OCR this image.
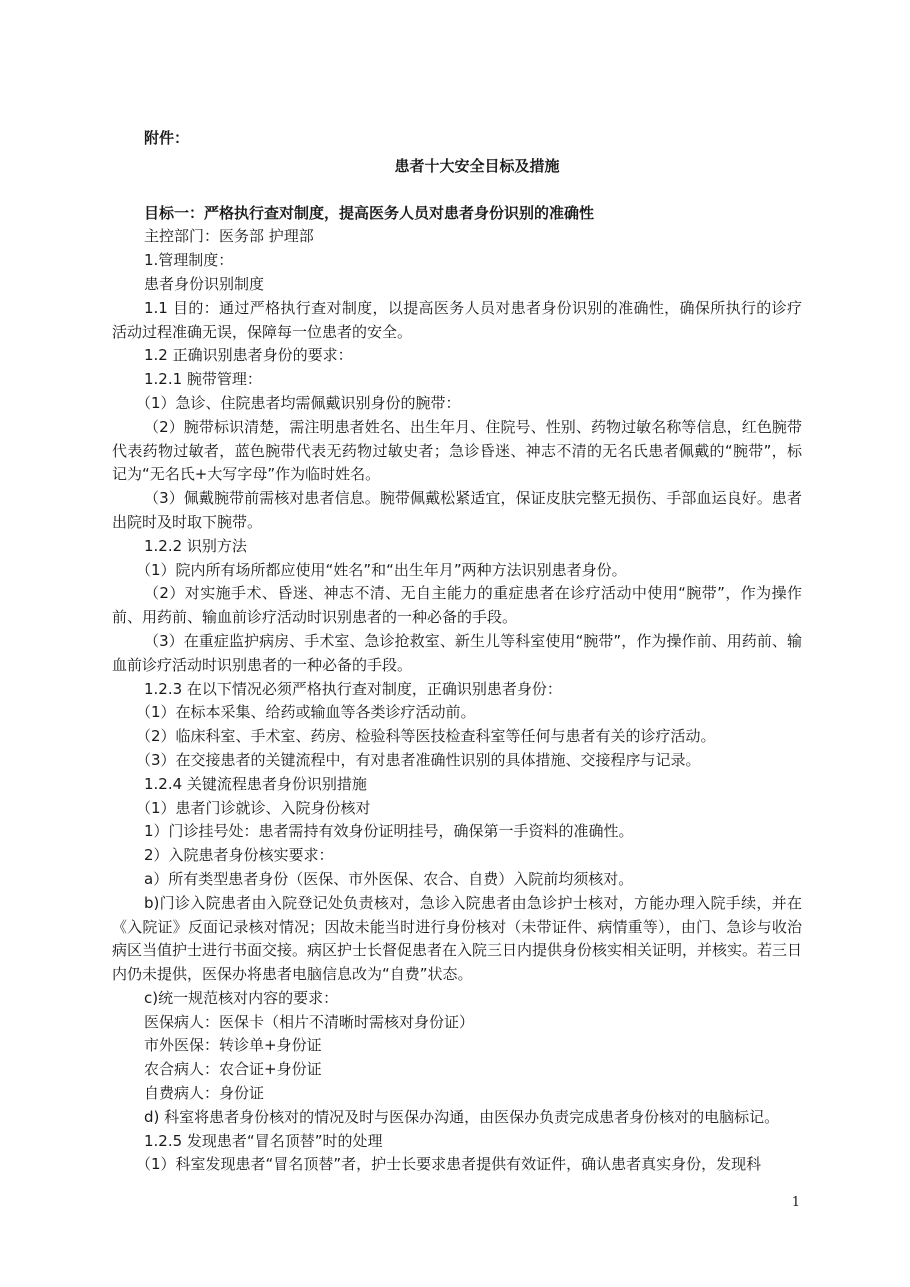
附件：
患者十大安全目标及措施
目标一：严格执行查对制度，提高医务人员对患者身份识别的准确性
主控部门：医务部 护理部
1.管理制度：
患者身份识别制度
1.1 目的：通过严格执行查对制度，以提高医务人员对患者身份识别的准确性，确保所执行的诊疗活动过程准确无误，保障每一位患者的安全。
1.2 正确识别患者身份的要求：
1.2.1 腕带管理：
（1）急诊、住院患者均需佩戴识别身份的腕带：
（2）腕带标识清楚，需注明患者姓名、出生年月、住院号、性别、药物过敏名称等信息，红色腕带代表药物过敏者，蓝色腕带代表无药物过敏史者；急诊昏迷、神志不清的无名氏患者佩戴的“腕带”，标记为“无名氏+大写字母”作为临时姓名。
（3）佩戴腕带前需核对患者信息。腕带佩戴松紧适宜，保证皮肤完整无损伤、手部血运良好。患者出院时及时取下腕带。
1.2.2 识别方法
（1）院内所有场所都应使用“姓名”和“出生年月”两种方法识别患者身份。
（2）对实施手术、昏迷、神志不清、无自主能力的重症患者在诊疗活动中使用“腕带”，作为操作前、用药前、输血前诊疗活动时识别患者的一种必备的手段。
（3）在重症监护病房、手术室、急诊抢救室、新生儿等科室使用“腕带”，作为操作前、用药前、输血前诊疗活动时识别患者的一种必备的手段。
1.2.3 在以下情况必须严格执行查对制度，正确识别患者身份：
（1）在标本采集、给药或输血等各类诊疗活动前。
（2）临床科室、手术室、药房、检验科等医技检查科室等任何与患者有关的诊疗活动。
（3）在交接患者的关键流程中，有对患者准确性识别的具体措施、交接程序与记录。
1.2.4 关键流程患者身份识别措施
（1）患者门诊就诊、入院身份核对
1）门诊挂号处：患者需持有效身份证明挂号，确保第一手资料的准确性。
2）入院患者身份核实要求：
a）所有类型患者身份（医保、市外医保、农合、自费）入院前均须核对。
b)门诊入院患者由入院登记处负责核对，急诊入院患者由急诊护士核对，方能办理入院手续，并在《入院证》反面记录核对情况；因故未能当时进行身份核对（未带证件、病情重等），由门、急诊与收治病区当值护士进行书面交接。病区护士长督促患者在入院三日内提供身份核实相关证明，并核实。若三日内仍未提供，医保办将患者电脑信息改为“自费”状态。
c)统一规范核对内容的要求：
医保病人：医保卡（相片不清晰时需核对身份证）
市外医保：转诊单+身份证
农合病人：农合证+身份证
自费病人：身份证
d) 科室将患者身份核对的情况及时与医保办沟通，由医保办负责完成患者身份核对的电脑标记。
1.2.5 发现患者“冒名顶替”时的处理
（1）科室发现患者“冒名顶替”者，护士长要求患者提供有效证件，确认患者真实身份，发现科
1
